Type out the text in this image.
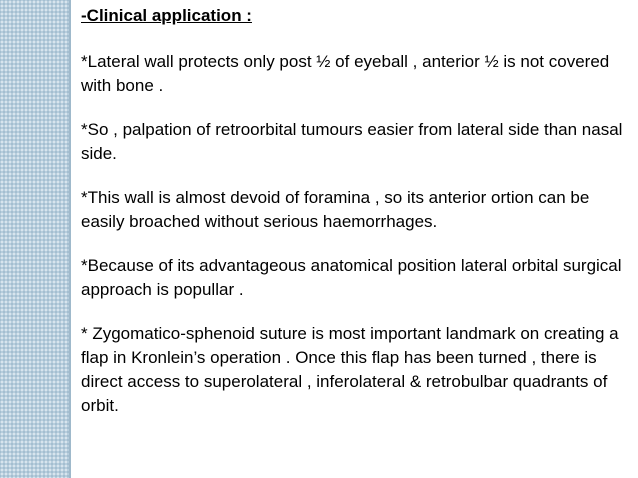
-Clinical application :

*Lateral wall protects only post ½ of eyeball , anterior ½ is not covered with bone .

*So , palpation of retroorbital tumours easier from lateral side than nasal side.

*This wall is almost devoid of foramina , so its anterior ortion can be easily broached without serious haemorrhages.

*Because of its advantageous anatomical position lateral orbital surgical approach is popullar .

* Zygomatico-sphenoid suture is most important landmark on creating a flap in Kronlein’s operation . Once this flap has been turned , there is direct access to superolateral , inferolateral & retrobulbar quadrants of orbit.
